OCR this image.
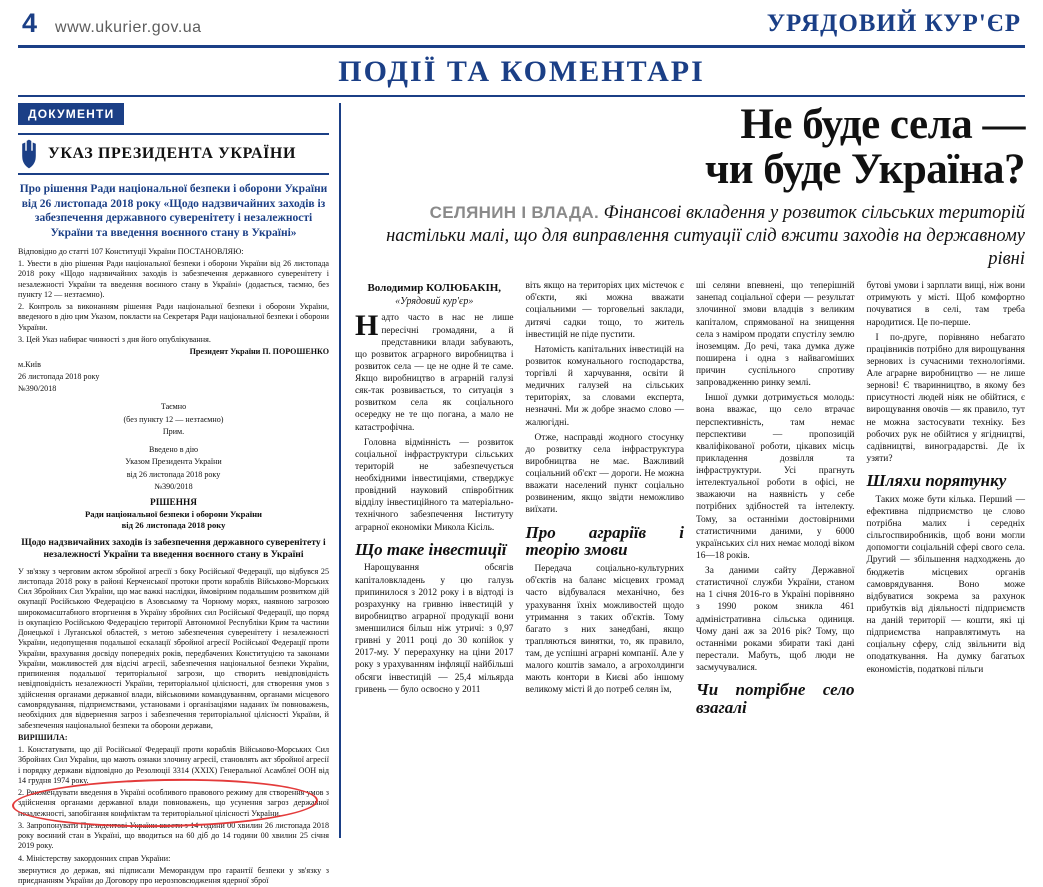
4 www.ukurier.gov.ua	УРЯДОВИЙ КУР'ЄР
ПОДІЇ ТА КОМЕНТАРІ
ДОКУМЕНТИ
УКАЗ ПРЕЗИДЕНТА УКРАЇНИ
Про рішення Ради національної безпеки і оборони України від 26 листопада 2018 року «Щодо надзвичайних заходів із забезпечення державного суверенітету і незалежності України та введення воєнного стану в Україні»

Відповідно до статті 107 Конституції України ПОСТАНОВЛЯЮ:

1. Увести в дію рішення Ради національної безпеки і оборони України від 26 листопада 2018 року «Щодо надзвичайних заходів із забезпечення державного суверенітету і незалежності України та введення воєнного стану в Україні» (додається, таємно, без пункту 12 — незтаємно).

2. Контроль за виконанням рішення Ради національної безпеки і оборони України, введеного в дію цим Указом, покласти на Секретаря Ради національної безпеки і оборони України.

3. Цей Указ набирає чинності з дня його опублікування.

Президент України П. ПОРОШЕНКО

м.Київ

26 листопада 2018 року

№390/2018

Таємно

(без пункту 12 — незтаємно)

Прим.

Введено в дію

Указом Президента України

від 26 листопада 2018 року

№390/2018

РІШЕННЯ
Ради національної безпеки і оборони України
від 26 листопада 2018 року
Щодо надзвичайних заходів із забезпечення державного суверенітету і незалежності України та введення воєнного стану в Україні

У зв'язку з черговим актом збройної агресії з боку Російської Федерації, що відбувся 25 листопада 2018 року в районі Керченської протоки проти кораблів Військово-Морських Сил Збройних Сил України, що має важкі наслідки, ймовірним подальшим розвитком дій окупації Російською Федерацією в Азовському та Чорному морях, наявною загрозою широкомасштабного вторгнення в Україну збройних сил Російської Федерації, що поряд із окупацією Російською Федерацією території Автономної Республіки Крим та частини Донецької і Луганської областей, з метою забезпечення суверенітету і незалежності України, недопущення подальшої ескалації збройної агресії Російської Федерації проти України, врахування досвіду попередніх років, передбачених Конституцією та законами України, можливостей для відсічі агресії, забезпечення національної безпеки України, припинення подальшої територіальної загрози, що створить невідповідність невідповідність незалежності України, територіальної цілісності, для створення умов з здійснення органами державної влади, військовими командуванням, органами місцевого самоврядування, підприємствами, установами і організаціями наданих їм повноважень, необхідних для відвернення загроз і забезпечення територіальної цілісності України, й забезпечення національної безпеки та оборони держави,

ВИРІШИЛА:

1. Констатувати, що дії Російської Федерації проти кораблів Військово-Морських Сил Збройних Сил України, що мають ознаки злочину агресії, становлять акт збройної агресії і порядку держави відповідно до Резолюції 3314 (XXIX) Генеральної Асамблеї ООН від 14 грудня 1974 року.

2. Рекомендувати введення в Україні особливого правового режиму для створення умов з здійснення органами державної влади повноважень, що усунення загроз державної незалежності, запобігання конфліктам та територіальної цілісності України.

3. Запропонувати Президентові України ввести з 14 години 00 хвилин 26 листопада 2018 року воєнний стан в Україні, що вводиться на 60 діб до 14 години 00 хвилин 25 січня 2019 року.

4. Міністерству закордонних справ України:

звернутися до держав, які підписали Меморандум про гарантії безпеки у зв'язку з приєднанням України до Договору про нерозповсюдження ядерної зброї

Не буде села —
чи буде Україна?
СЕЛЯНИН І ВЛАДА. Фінансові вкладення у розвиток сільських територій настільки малі, що для виправлення ситуації слід вжити заходів на державному рівні
Володимир КОЛЮБАКІН,
«Урядовий кур'єр»

Надто часто в нас не лише пересічні громадяни, а й представники влади забувають, що розвиток аграрного виробництва і розвиток села — це не одне й те саме. Якщо виробництво в аграрній галузі сяк-так розвивається, то ситуація з розвитком села як соціального осередку не те що погана, а мало не катастрофічна.

Головна відмінність — розвиток соціальної інфраструктури сільських територій не забезпечується необхідними інвестиціями, стверджує провідний науковий співробітник відділу інвестиційного та матеріально-технічного забезпечення Інституту аграрної економіки Микола Кісіль.

Що таке інвестиції

Нарощування обсягів капіталовкладень у цю галузь припинилося з 2012 року і в відтоді із розрахунку на гривню інвестицій у виробництво аграрної продукції вони зменшилися більш ніж утричі: з 0,97 гривні у 2011 році до 30 копійок у 2017-му. У перерахунку на ціни 2017 року з урахуванням інфляції найбільші обсяги інвестицій — 25,4 мільярда гривень — було освоєно у 2011

віть якщо на територіях цих містечок є об'єкти, які можна вважати соціальними — торговельні заклади, дитячі садки тощо, то житель інвестицій не піде пустити.

Натомість капітальних інвестицій на розвиток комунального господарства, торгівлі й харчування, освіти й медичних галузей на сільських територіях, за словами експерта, незначні. Ми ж добре знаємо слово — жалюгідні.

Отже, насправді жодного стосунку до розвитку села інфраструктура виробництва не має. Важливий соціальний об'єкт — дороги. Не можна вважати населений пункт соціально розвиненим, якщо звідти неможливо виїхати.

Про аграріїв і теорію змови

Передача соціально-культурних об'єктів на баланс місцевих громад часто відбувалася механічно, без урахування їхніх можливостей щодо утримання з таких об'єктів. Тому багато з них занедбані, якщо трапляються винятки, то, як правило, там, де успішні аграрні компанії. Але у малого коштів замало, а агрохолдинги мають контори в Києві або іншому великому місті й до потреб селян їм,

ші селяни впевнені, що теперішній занепад соціальної сфери — результат злочинної змови владців з великим капіталом, спрямованої на знищення села з наміром продати спустілу землю іноземцям. До речі, така думка дуже поширена і одна з найвагоміших причин суспільного спротиву запровадженню ринку землі.

Іншої думки дотримується молодь: вона вважає, що село втрачає перспективність, там немає перспективи — пропозицій кваліфікованої роботи, цікавих місць прикладення дозвілля та інфраструктури. Усі прагнуть інтелектуальної роботи в офісі, не зважаючи на наявність у себе потрібних здібностей та інтелекту. Тому, за останніми достовірними статистичними даними, у 6000 українських сіл них немає молоді віком 16—18 років.

За даними сайту Державної статистичної служби України, станом на 1 січня 2016-го в Україні порівняно з 1990 роком зникла 461 адміністративна сільська одиниця. Чому дані аж за 2016 рік? Тому, що останніми роками збирати такі дані перестали. Мабуть, щоб люди не засмучувалися.

Чи потрібне село взагалі

бутові умови і зарплати вищі, ніж вони отримують у місті. Щоб комфортно почуватися в селі, там треба народитися. Це по-перше.

І по-друге, порівняно небагато працівників потрібно для вирощування зернових із сучасними технологіями. Але аграрне виробництво — не лише зернові! Є тваринництво, в якому без присутності людей ніяк не обійтися, є вирощування овочів — як правило, тут не можна застосувати техніку. Без робочих рук не обійтися у ягідництві, садівництві, виноградарстві. Де їх узяти?

Шляхи порятунку

Таких може бути кілька. Перший — ефективна підприємство це слово потрібна малих і середніх сільгоспвиробників, щоб вони могли допомогти соціальній сфері свого села. Другий — збільшення надходжень до бюджетів місцевих органів самоврядування. Воно може відбуватися зокрема за рахунок прибутків від діяльності підприємств на даній території — кошти, які ці підприємства направлятимуть на соціальну сферу, слід звільнити від оподаткування. На думку багатьох економістів, податкові пільги
